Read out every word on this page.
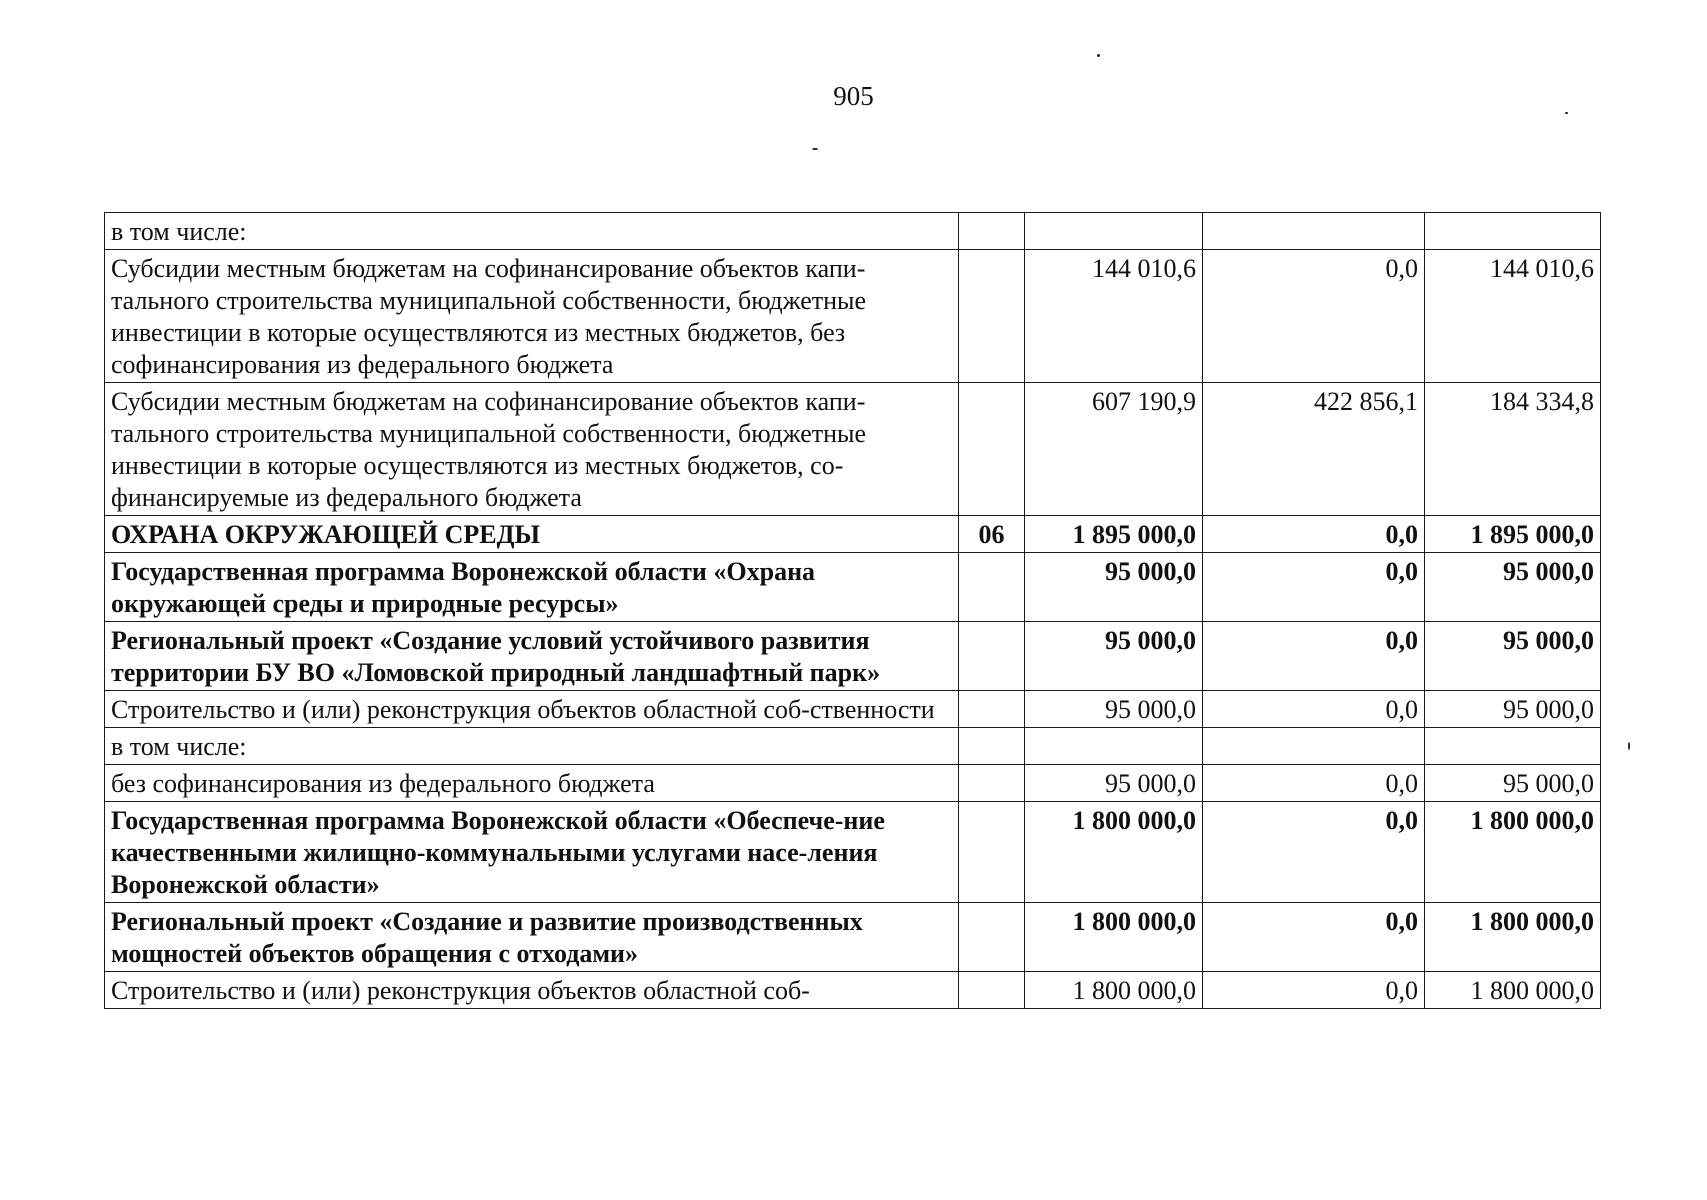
905
в том числе:				
Субсидии местным бюджетам на софинансирование объектов капи-тального строительства муниципальной собственности, бюджетные инвестиции в которые осуществляются из местных бюджетов, без софинансирования из федерального бюджета		144 010,6	0,0	144 010,6
Субсидии местным бюджетам на софинансирование объектов капи-тального строительства муниципальной собственности, бюджетные инвестиции в которые осуществляются из местных бюджетов, со-финансируемые из федерального бюджета		607 190,9	422 856,1	184 334,8
ОХРАНА ОКРУЖАЮЩЕЙ СРЕДЫ	06	1 895 000,0	0,0	1 895 000,0
Государственная программа Воронежской области «Охрана окружающей среды и природные ресурсы»		95 000,0	0,0	95 000,0
Региональный проект «Создание условий устойчивого развития территории БУ ВО «Ломовской природный ландшафтный парк»		95 000,0	0,0	95 000,0
Строительство и (или) реконструкция объектов областной соб-ственности		95 000,0	0,0	95 000,0
в том числе:				
без софинансирования из федерального бюджета		95 000,0	0,0	95 000,0
Государственная программа Воронежской области «Обеспече-ние качественными жилищно-коммунальными услугами насе-ления Воронежской области»		1 800 000,0	0,0	1 800 000,0
Региональный проект «Создание и развитие производственных мощностей объектов обращения с отходами»		1 800 000,0	0,0	1 800 000,0
Строительство и (или) реконструкция объектов областной соб-		1 800 000,0	0,0	1 800 000,0
